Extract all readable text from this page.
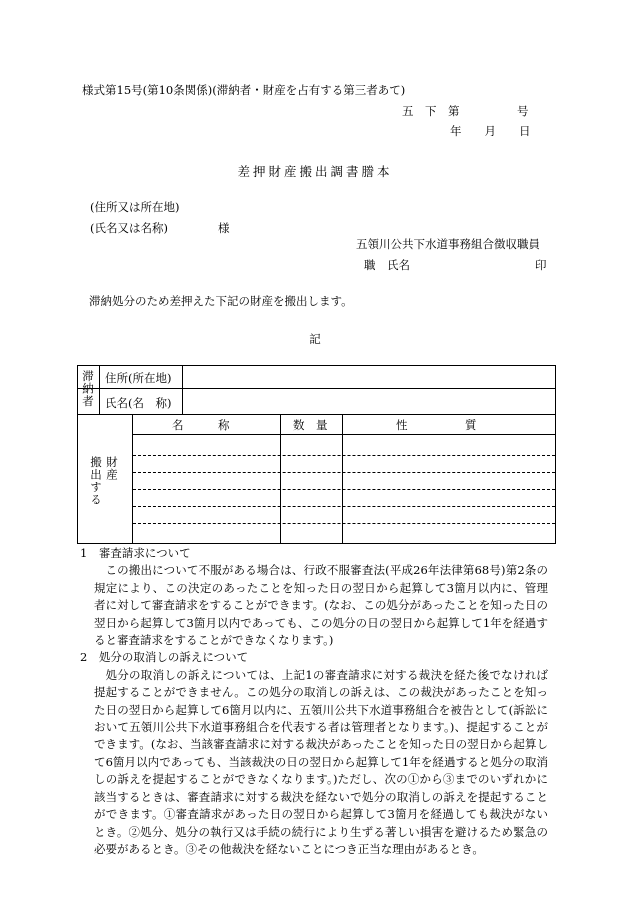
様式第15号(第10条関係)(滞納者・財産を占有する第三者あて)
五　下　第　　　　　号
年　　月　　日
差押財産搬出調書謄本
(住所又は所在地)
(氏名又は名称)	様
五領川公共下水道事務組合徴収職員
職　氏名	印
滞納処分のため差押えた下記の財産を搬出します。
記
滞納者 住所(所在地)
氏名(名　称)
財産
搬出する
名　　　称	数　量	性　　　　　質

1　審査請求について

この搬出について不服がある場合は、行政不服審査法(平成26年法律第68号)第2条の規定により、この決定のあったことを知った日の翌日から起算して3箇月以内に、管理者に対して審査請求をすることができます。(なお、この処分があったことを知った日の翌日から起算して3箇月以内であっても、この処分の日の翌日から起算して1年を経過すると審査請求をすることができなくなります。)

2　処分の取消しの訴えについて

処分の取消しの訴えについては、上記1の審査請求に対する裁決を経た後でなければ提起することができません。この処分の取消しの訴えは、この裁決があったことを知った日の翌日から起算して6箇月以内に、五領川公共下水道事務組合を被告として(訴訟において五領川公共下水道事務組合を代表する者は管理者となります。)、提起することができます。(なお、当該審査請求に対する裁決があったことを知った日の翌日から起算して6箇月以内であっても、当該裁決の日の翌日から起算して1年を経過すると処分の取消しの訴えを提起することができなくなります。)ただし、次の①から③までのいずれかに該当するときは、審査請求に対する裁決を経ないで処分の取消しの訴えを提起することができます。①審査請求があった日の翌日から起算して3箇月を経過しても裁決がないとき。②処分、処分の執行又は手続の続行により生ずる著しい損害を避けるため緊急の必要があるとき。③その他裁決を経ないことにつき正当な理由があるとき。
